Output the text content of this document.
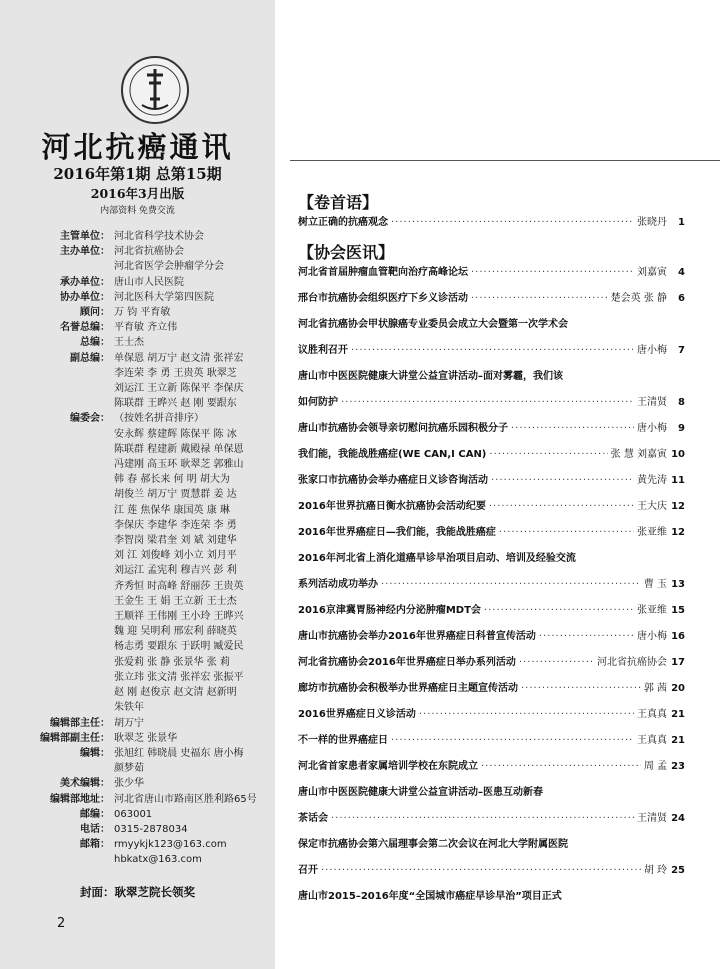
河北抗癌通讯
2016年第1期 总第15期
2016年3月出版
内部资料 免费交流
主管单位： 河北省科学技术协会
主办单位： 河北省抗癌协会
河北省医学会肿瘤学分会
承办单位： 唐山市人民医院
协办单位： 河北医科大学第四医院
顾问： 万 钧 平育敏
名誉总编： 平育敏 齐立伟
总编： 王士杰
副总编： 单保恩 胡万宁 赵文清 张祥宏
李连荣 李 勇 王贵英 耿翠芝
刘运江 王立新 陈保平 李保庆
陈联群 王晔兴 赵 刚 要跟东
编委会： （按姓名拼音排序）
安永辉 蔡建辉 陈保平 陈 冰
陈联群 程建新 戴殿禄 单保恩
冯建刚 高玉环 耿翠芝 郭雅山
韩 春 郝长来 何 明 胡大为
胡俊兰 胡万宁 贾慧群 姜 达
江 莲 焦保华 康国英 康 琳
李保庆 李建华 李连荣 李 勇
李智岗 梁君奎 刘 斌 刘建华
刘 江 刘俊峰 刘小立 刘月平
刘运江 孟宪利 穆吉兴 彭 利
齐秀恒 时高峰 舒丽莎 王贵英
王金生 王 娟 王立新 王士杰
王顺祥 王伟刚 王小玲 王晔兴
魏 迎 吴明利 邢宏利 薛晓英
杨志勇 要跟东 于跃明 臧爱民
张爱莉 张 静 张景华 张 莉
张立玮 张文清 张祥宏 张振平
赵 刚 赵俊京 赵文清 赵新明
朱铁年
编辑部主任： 胡万宁
编辑部副主任： 耿翠芝 张景华
编辑： 张旭红 韩晓晨 史福东 唐小梅
颜梦茹
美术编辑： 张少华
编辑部地址： 河北省唐山市路南区胜利路65号
邮编： 063001
电话： 0315-2878034
邮箱： rmyykjk123@163.com
hbkatx@163.com
封面：耿翠芝院长领奖
2
【卷首语】
树立正确的抗癌观念 ·····	张晓丹	1
【协会医讯】
河北省首届肿瘤血管靶向治疗高峰论坛 ·····	刘嘉寅	4
邢台市抗癌协会组织医疗下乡义诊活动 ·····	楚会英 张 静	6
河北省抗癌协会甲状腺癌专业委员会成立大会暨第一次学术会
议胜利召开 ·····	唐小梅	7
唐山市中医医院健康大讲堂公益宣讲活动–面对雾霾，我们该
如何防护 ·····	王清贤	8
唐山市抗癌协会领导亲切慰问抗癌乐园积极分子 ·····	唐小梅	9
我们能，我能战胜癌症(WE CAN,I CAN) ·····	张 慧 刘嘉寅 10
张家口市抗癌协会举办癌症日义诊咨询活动 ·····	黄先涛 11
2016年世界抗癌日衡水抗癌协会活动纪要 ·····	王大庆 12
2016年世界癌症日—我们能，我能战胜癌症 ·····	张亚维 12
2016年河北省上消化道癌早诊早治项目启动、培训及经验交流
系列活动成功举办 ·····	曹 玉 13
2016京津冀胃肠神经内分泌肿瘤MDT会 ·····	张亚维 15
唐山市抗癌协会举办2016年世界癌症日科普宣传活动 ·····	唐小梅 16
河北省抗癌协会2016年世界癌症日举办系列活动 ·····	河北省抗癌协会 17
廊坊市抗癌协会积极举办世界癌症日主题宣传活动 ·····	郭 茜 20
2016世界癌症日义诊活动 ·····	王真真 21
不一样的世界癌症日 ·····	王真真 21
河北省首家患者家属培训学校在东院成立 ·····	周 孟 23
唐山市中医医院健康大讲堂公益宣讲活动–医患互动新春
茶话会 ·····	王清贤 24
保定市抗癌协会第六届理事会第二次会议在河北大学附属医院
召开 ·····	胡 玲 25
唐山市2015–2016年度“全国城市癌症早诊早治”项目正式
